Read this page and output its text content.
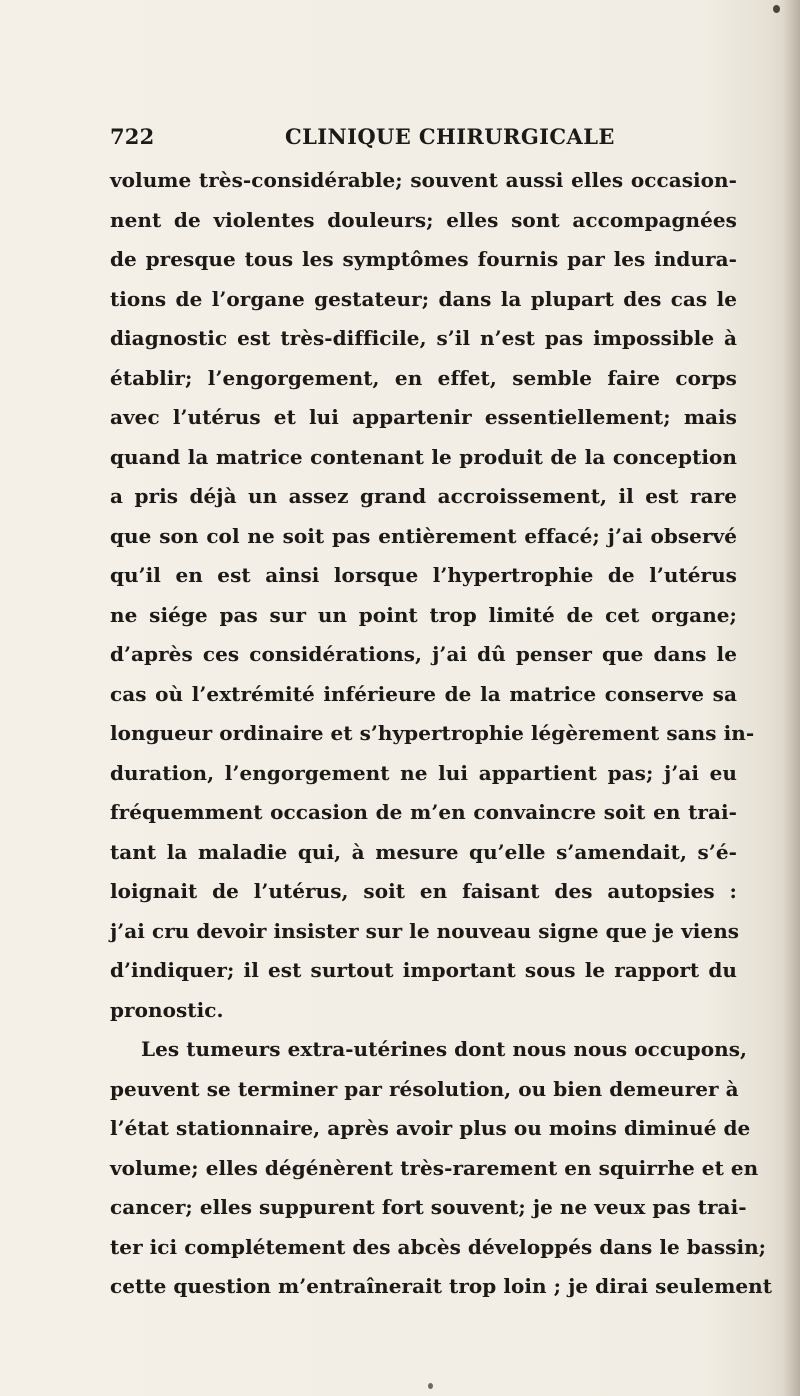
722	CLINIQUE CHIRURGICALE
volume très-considérable; souvent aussi elles occasion-
nent de violentes douleurs; elles sont accompagnées
de presque tous les symptômes fournis par les indura-
tions de l’organe gestateur; dans la plupart des cas le
diagnostic est très-difficile, s’il n’est pas impossible à
établir; l’engorgement, en effet, semble faire corps
avec l’utérus et lui appartenir essentiellement; mais
quand la matrice contenant le produit de la conception
a pris déjà un assez grand accroissement, il est rare
que son col ne soit pas entièrement effacé; j’ai observé
qu’il en est ainsi lorsque l’hypertrophie de l’utérus
ne siége pas sur un point trop limité de cet organe;
d’après ces considérations, j’ai dû penser que dans le
cas où l’extrémité inférieure de la matrice conserve sa
longueur ordinaire et s’hypertrophie légèrement sans in-
duration, l’engorgement ne lui appartient pas; j’ai eu
fréquemment occasion de m’en convaincre soit en trai-
tant la maladie qui, à mesure qu’elle s’amendait, s’é-
loignait de l’utérus, soit en faisant des autopsies :
j’ai cru devoir insister sur le nouveau signe que je viens
d’indiquer; il est surtout important sous le rapport du
pronostic.
Les tumeurs extra-utérines dont nous nous occupons,
peuvent se terminer par résolution, ou bien demeurer à
l’état stationnaire, après avoir plus ou moins diminué de
volume; elles dégénèrent très-rarement en squirrhe et en
cancer; elles suppurent fort souvent; je ne veux pas trai-
ter ici complétement des abcès développés dans le bassin;
cette question m’entraînerait trop loin ; je dirai seulement
